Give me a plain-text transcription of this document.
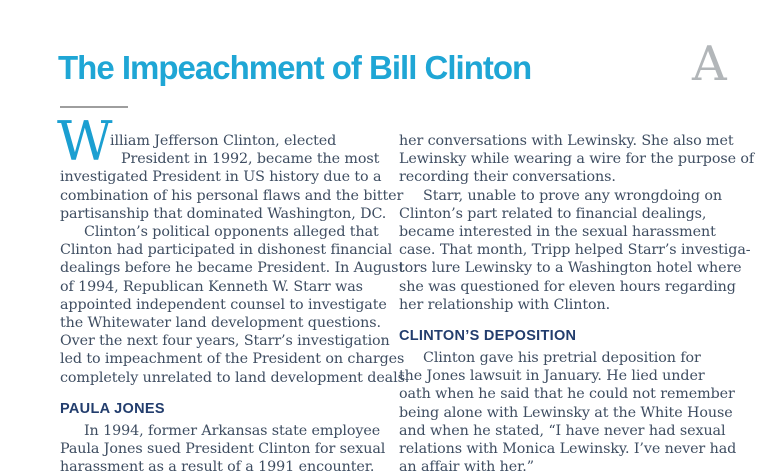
The Impeachment of Bill Clinton	A
W
illiam Jefferson Clinton, elected
President in 1992, became the most
investigated President in US history due to a
combination of his personal flaws and the bitter
partisanship that dominated Washington, DC.
Clinton’s political opponents alleged that
Clinton had participated in dishonest financial
dealings before he became President. In August
of 1994, Republican Kenneth W. Starr was
appointed independent counsel to investigate
the Whitewater land development questions.
Over the next four years, Starr’s investigation
led to impeachment of the President on charges
completely unrelated to land development deals.
PAULA JONES
In 1994, former Arkansas state employee
Paula Jones sued President Clinton for sexual
harassment as a result of a 1991 encounter.
her conversations with Lewinsky. She also met
Lewinsky while wearing a wire for the purpose of
recording their conversations.
Starr, unable to prove any wrongdoing on
Clinton’s part related to financial dealings,
became interested in the sexual harassment
case. That month, Tripp helped Starr’s investiga-
tors lure Lewinsky to a Washington hotel where
she was questioned for eleven hours regarding
her relationship with Clinton.
CLINTON’S DEPOSITION
Clinton gave his pretrial deposition for
the Jones lawsuit in January. He lied under
oath when he said that he could not remember
being alone with Lewinsky at the White House
and when he stated, “I have never had sexual
relations with Monica Lewinsky. I’ve never had
an affair with her.”
